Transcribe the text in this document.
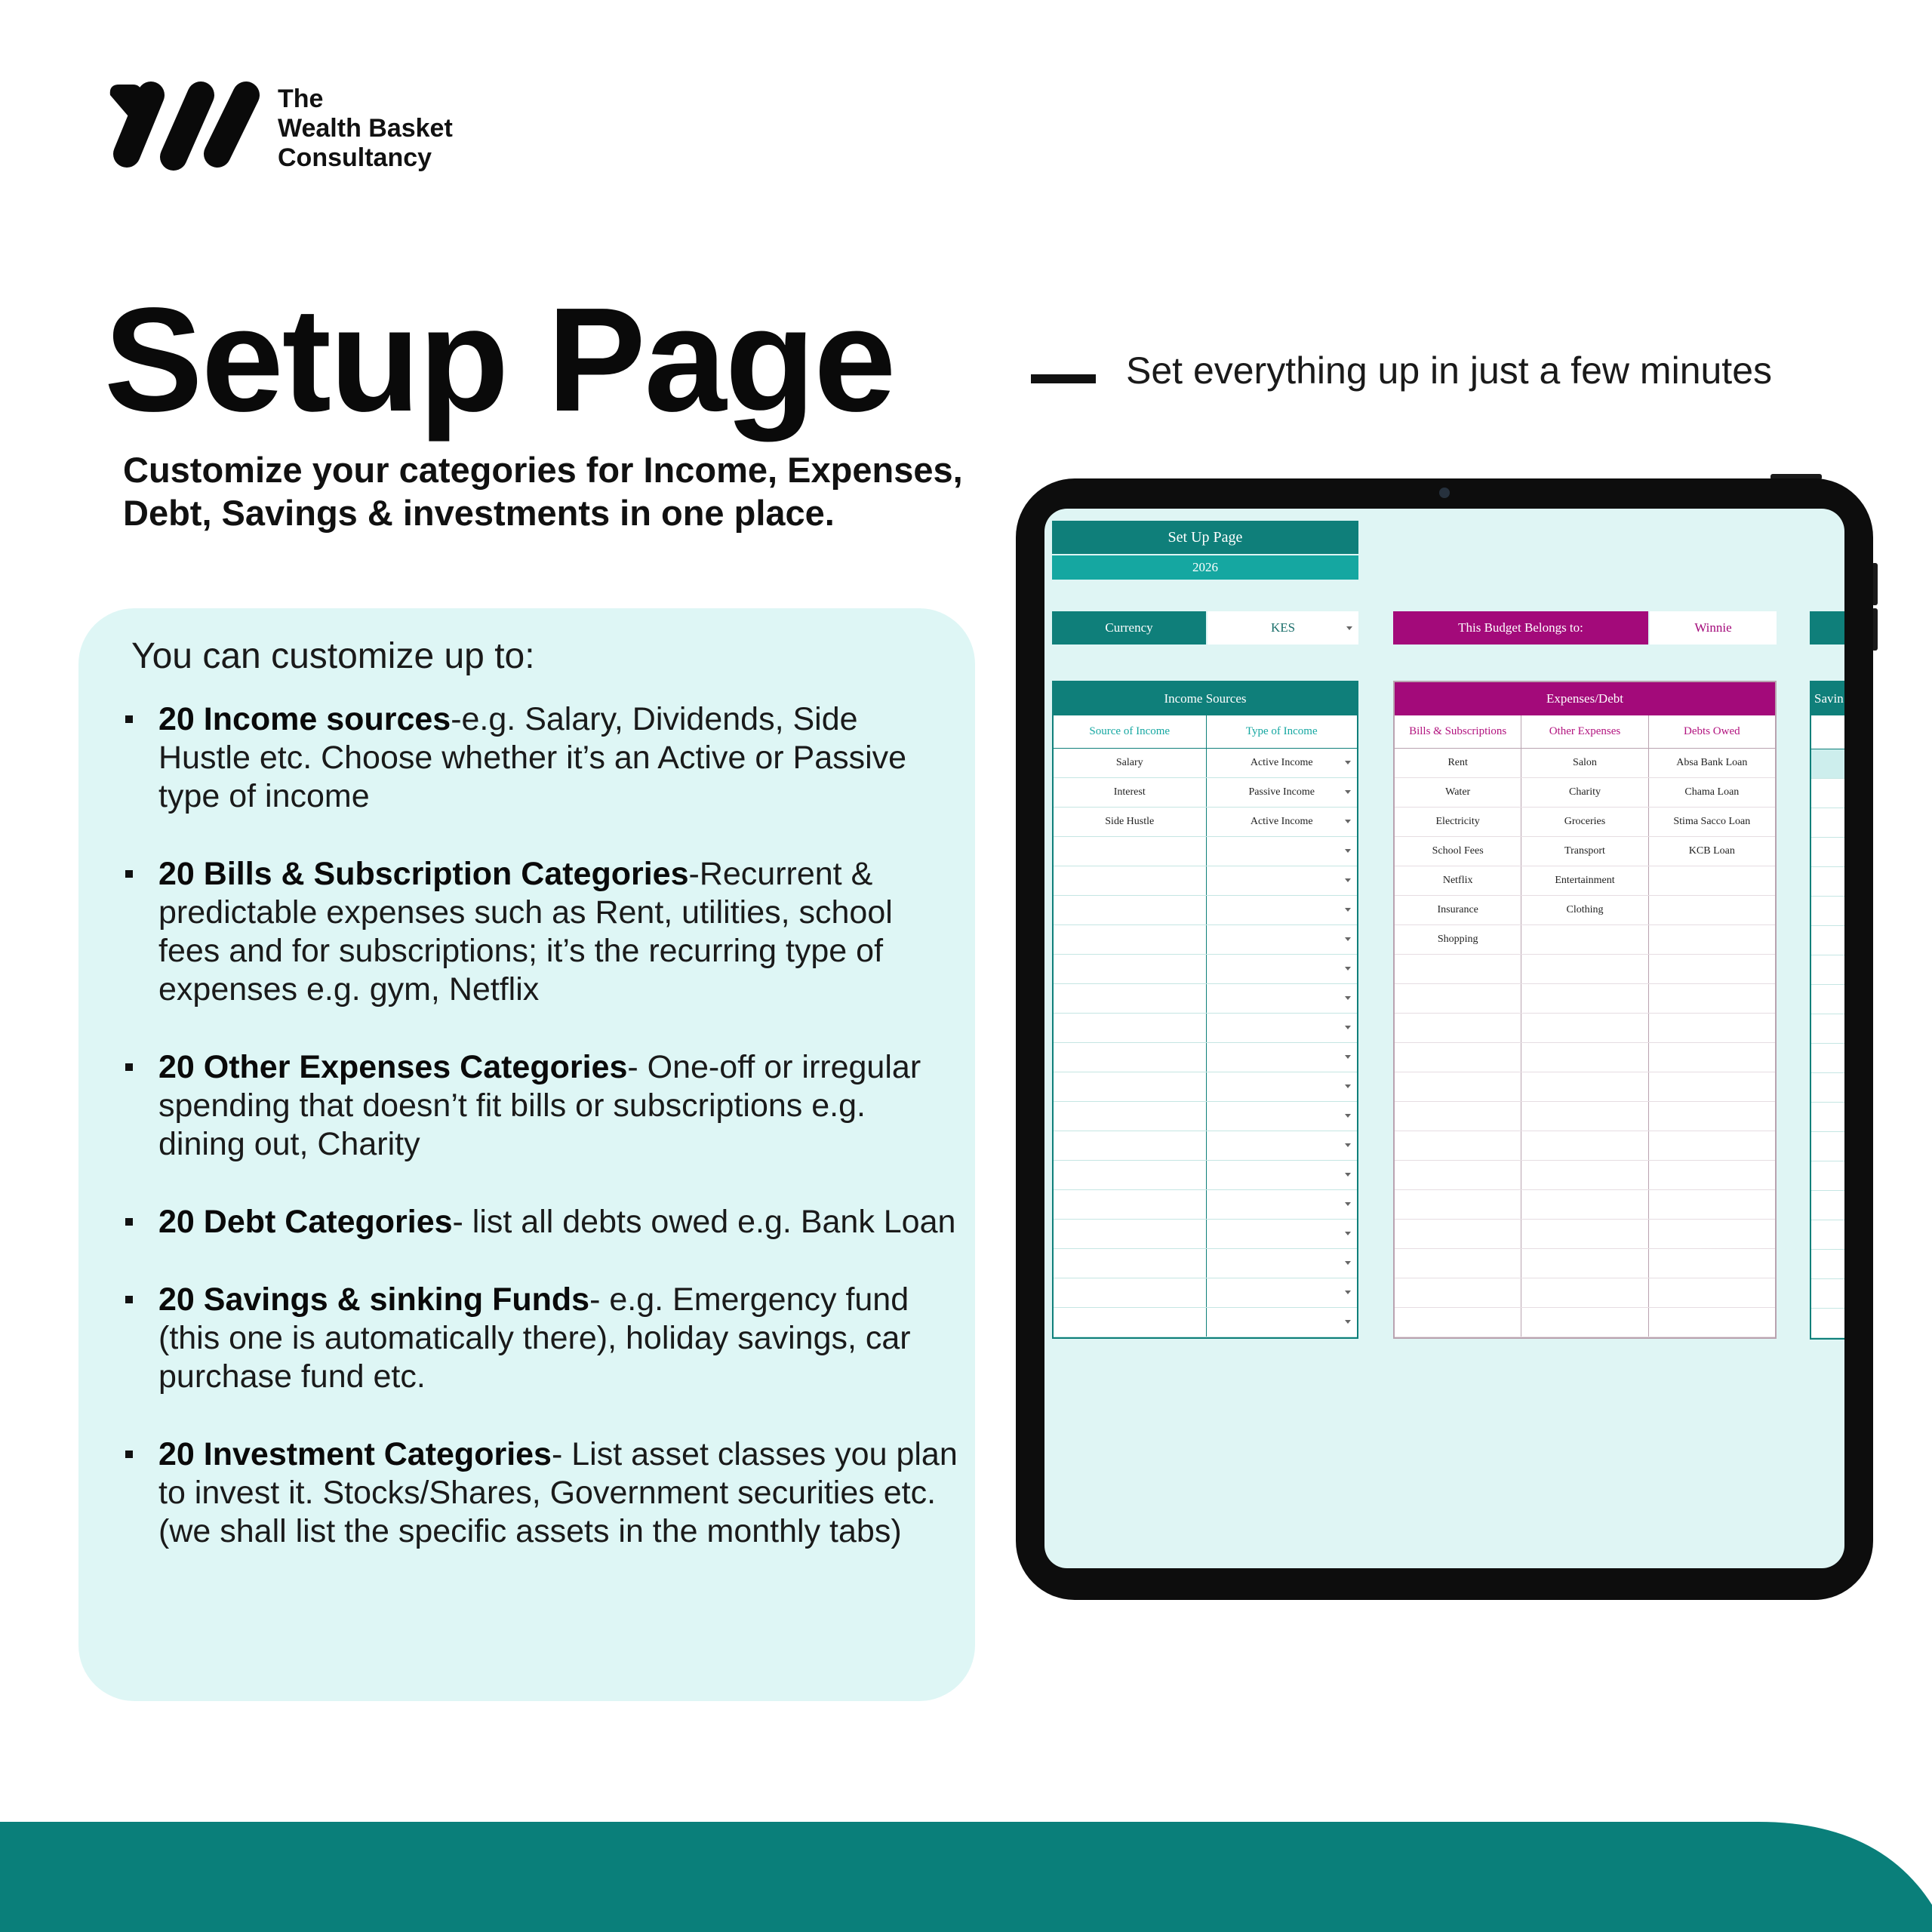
The
Wealth Basket
Consultancy
Setup Page	Set everything up in just a few minutes
Customize your categories for Income, Expenses, Debt, Savings & investments in one place.
You can customize up to:
20 Income sources-e.g. Salary, Dividends, Side Hustle etc. Choose whether it’s an Active or Passive type of income
20 Bills & Subscription Categories-Recurrent & predictable expenses such as Rent, utilities, school fees and for subscriptions; it’s the recurring type of expenses e.g. gym, Netflix
20 Other Expenses Categories- One-off or irregular spending that doesn’t fit bills or subscriptions e.g. dining out, Charity
20 Debt Categories- list all debts owed e.g. Bank Loan
20 Savings & sinking Funds- e.g. Emergency fund (this one is automatically there), holiday savings, car purchase fund etc.
20 Investment Categories- List asset classes you plan to invest it. Stocks/Shares, Government securities etc. (we shall list the specific assets in the monthly tabs)
Set Up Page
2026
Currency	KES	This Budget Belongs to:	Winnie
Income Sources
Source of Income	Type of Income
Salary	Active Income
Interest	Passive Income
Side Hustle	Active Income
Expenses/Debt
Bills & Subscriptions	Other Expenses	Debts Owed
Rent	Salon	Absa Bank Loan
Water	Charity	Chama Loan
Electricity	Groceries	Stima Sacco Loan
School Fees	Transport	KCB Loan
Netflix	Entertainment
Insurance	Clothing
Shopping
Savin
